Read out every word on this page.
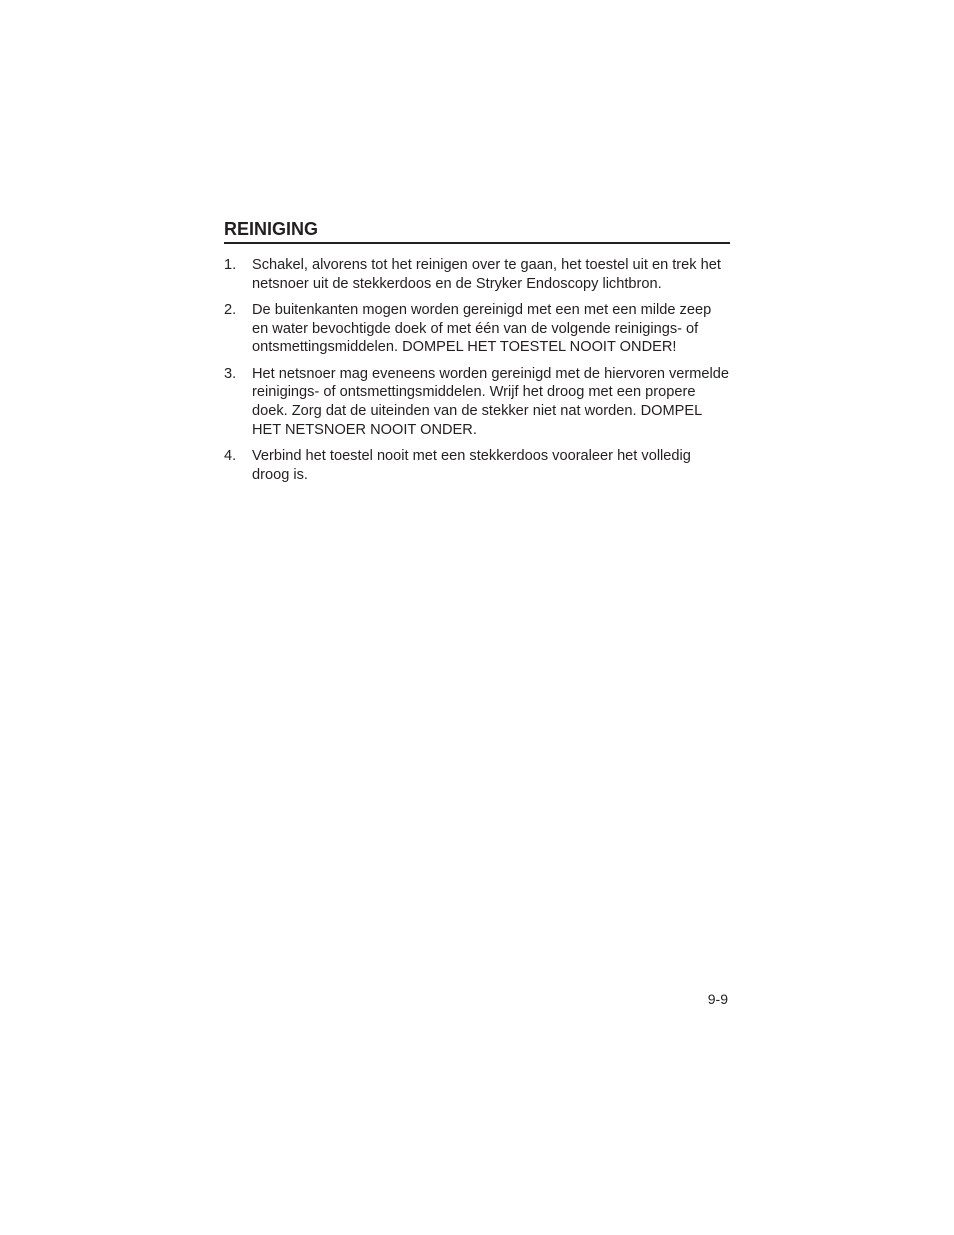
REINIGING
1. Schakel, alvorens tot het reinigen over te gaan, het toestel uit en trek het netsnoer uit de stekkerdoos en de Stryker Endoscopy lichtbron.
2. De buitenkanten mogen worden gereinigd met een met een milde zeep en water bevochtigde doek of met één van de volgende reinigings- of ontsmettingsmiddelen. DOMPEL HET TOESTEL NOOIT ONDER!
3. Het netsnoer mag eveneens worden gereinigd met de hiervoren vermelde reinigings- of ontsmettingsmiddelen. Wrijf het droog met een propere doek. Zorg dat de uiteinden van de stekker niet nat worden. DOMPEL HET NETSNOER NOOIT ONDER.
4. Verbind het toestel nooit met een stekkerdoos vooraleer het volledig droog is.
9-9
